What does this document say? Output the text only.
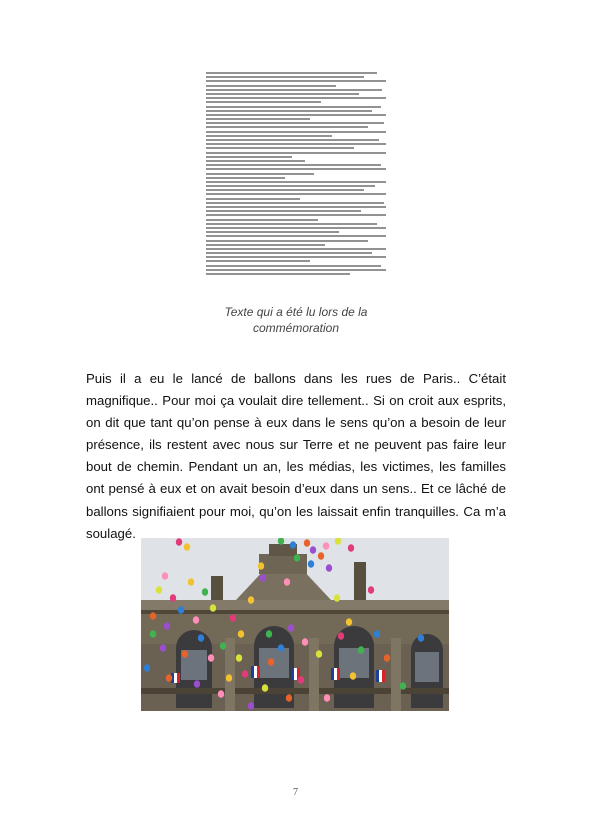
Texte qui a été lu lors de la commémoration

Puis il a eu le lancé de ballons dans les rues de Paris.. C’était magnifique.. Pour moi ça voulait dire tellement.. Si on croit aux esprits, on dit que tant qu’on pense à eux dans le sens qu’on a besoin de leur présence, ils restent avec nous sur Terre et ne peuvent pas faire leur bout de chemin. Pendant un an, les médias, les victimes, les familles ont pensé à eux et on avait besoin d’eux dans un sens.. Et ce lâché de ballons signifiaient pour moi, qu’on les laissait enfin tranquilles. Ca m’a soulagé.

7
